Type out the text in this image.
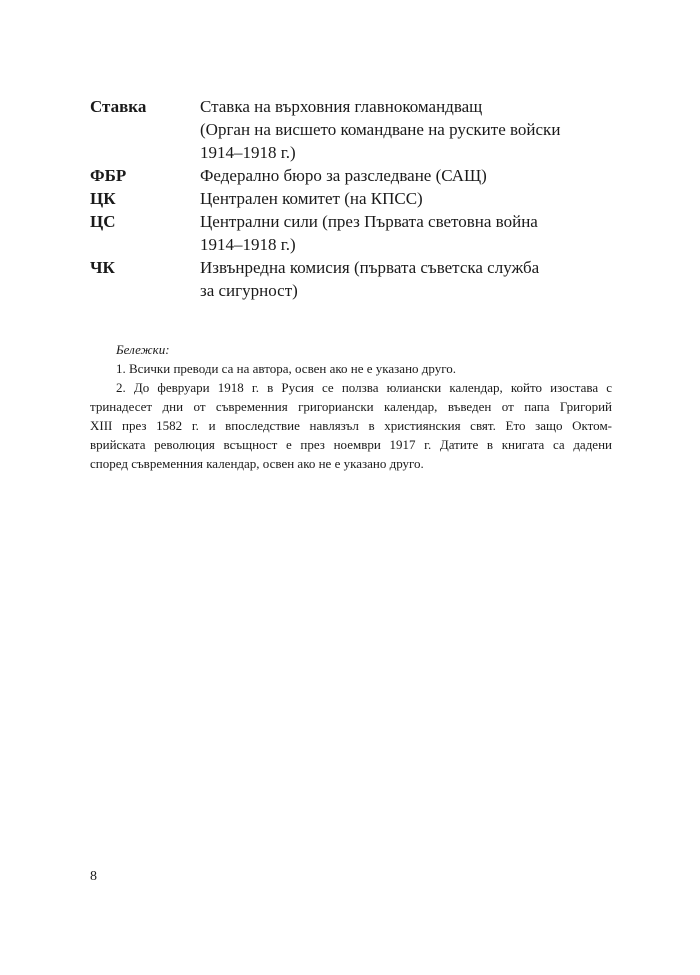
Ставка	Ставка на върховния главнокомандващ
(Орган на висшето командване на руските войски
1914–1918 г.)
ФБР	Федерално бюро за разследване (САЩ)
ЦК	Централен комитет (на КПСС)
ЦС	Централни сили (през Първата световна война
1914–1918 г.)
ЧК	Извънредна комисия (първата съветска служба
за сигурност)
Бележки:
1. Всички преводи са на автора, освен ако не е указано друго.
2. До февруари 1918 г. в Русия се ползва юлиански календар, който изостава с
тринадесет дни от съвременния григориански календар, въведен от папа Григорий
XIII през 1582 г. и впоследствие навлязъл в християнския свят. Ето защо Октом-
врийската революция всъщност е през ноември 1917 г. Датите в книгата са дадени
според съвременния календар, освен ако не е указано друго.
8
